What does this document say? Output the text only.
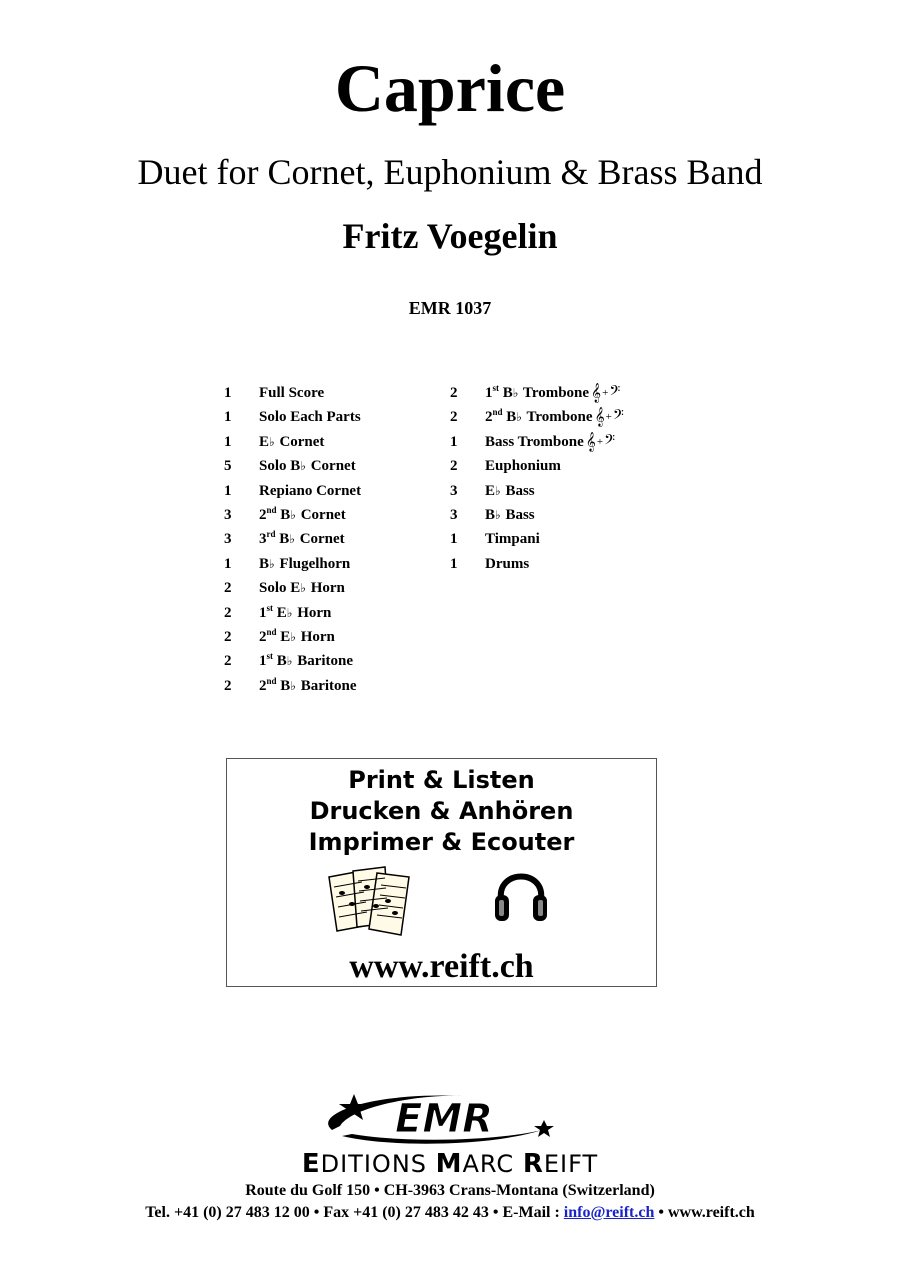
Caprice
Duet for Cornet, Euphonium & Brass Band
Fritz Voegelin
EMR 1037
1	Full Score
1	Solo Each Parts
1	E♭ Cornet
5	Solo B♭ Cornet
1	Repiano Cornet
3	2nd B♭ Cornet
3	3rd B♭ Cornet
1	B♭ Flugelhorn
2	Solo E♭ Horn
2	1st E♭ Horn
2	2nd E♭ Horn
2	1st B♭ Baritone
2	2nd B♭ Baritone
2	1st B♭ Trombone 𝄞 + 𝄢
2	2nd B♭ Trombone 𝄞 + 𝄢
1	Bass Trombone 𝄞 + 𝄢
2	Euphonium
3	E♭ Bass
3	B♭ Bass
1	Timpani
1	Drums
Print & Listen
Drucken & Anhören
Imprimer & Ecouter
www.reift.ch
EMR
EDITIONS MARC REIFT
Route du Golf 150 • CH-3963 Crans-Montana (Switzerland)
Tel. +41 (0) 27 483 12 00 • Fax +41 (0) 27 483 42 43 • E-Mail : info@reift.ch • www.reift.ch
